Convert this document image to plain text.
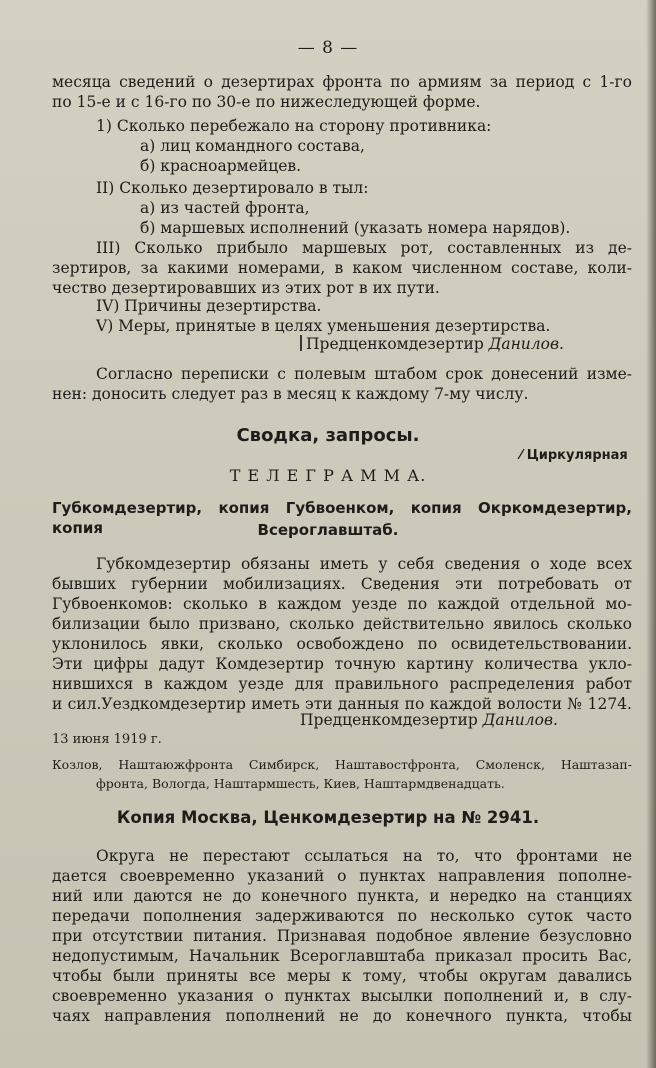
— 8 —
месяца сведений о дезертирах фронта по армиям за период с 1-го
по 15-е и с 16-го по 30-е по нижеследующей форме.
1) Сколько перебежало на сторону противника:
а) лиц командного состава,
б) красноармейцев.
II) Сколько дезертировало в тыл:
а) из частей фронта,
б) маршевых исполнений (указать номера нарядов).
III) Сколько прибыло маршевых рот, составленных из де-
зертиров, за какими номерами, в каком численном составе, коли-
чество дезертировавших из этих рот в их пути.
IV) Причины дезертирства.
V) Меры, принятые в целях уменьшения дезертирства.
Предценкомдезертир Данилов.
Согласно переписки с полевым штабом срок донесений изме-
нен: доносить следует раз в месяц к каждому 7-му числу.
Сводка, запросы.
⁄ Циркулярная
Т Е Л Е Г Р А М М А.
Губкомдезертир, копия Губвоенком, копия Окркомдезертир, копия	Всероглавштаб.
Губкомдезертир обязаны иметь у себя сведения о ходе всех
бывших губернии мобилизациях. Сведения эти потребовать от
Губвоенкомов: сколько в каждом уезде по каждой отдельной мо-
билизации было призвано, сколько действительно явилось сколько
уклонилось явки, сколько освобождено по освидетельствовании.
Эти цифры дадут Комдезертир точную картину количества укло-
нившихся в каждом уезде для правильного распределения работ
и сил.Уездкомдезертир иметь эти данныя по каждой волости № 1274.
Предценкомдезертир Данилов.
13 июня 1919 г.
Козлов, Наштаюжфронта Симбирск, Наштавостфронта, Смоленск, Наштазап-
фронта, Вологда, Наштармшесть, Киев, Наштармдвенадцать.
Копия Москва, Ценкомдезертир на № 2941.
Округа не перестают ссылаться на то, что фронтами не
дается своевременно указаний о пунктах направления пополне-
ний или даются не до конечного пункта, и нередко на станциях
передачи пополнения задерживаются по несколько суток часто
при отсутствии питания. Признавая подобное явление безусловно
недопустимым, Начальник Всероглавштаба приказал просить Вас,
чтобы были приняты все меры к тому, чтобы округам давались
своевременно указания о пунктах высылки пополнений и, в слу-
чаях направления пополнений не до конечного пункта, чтобы
